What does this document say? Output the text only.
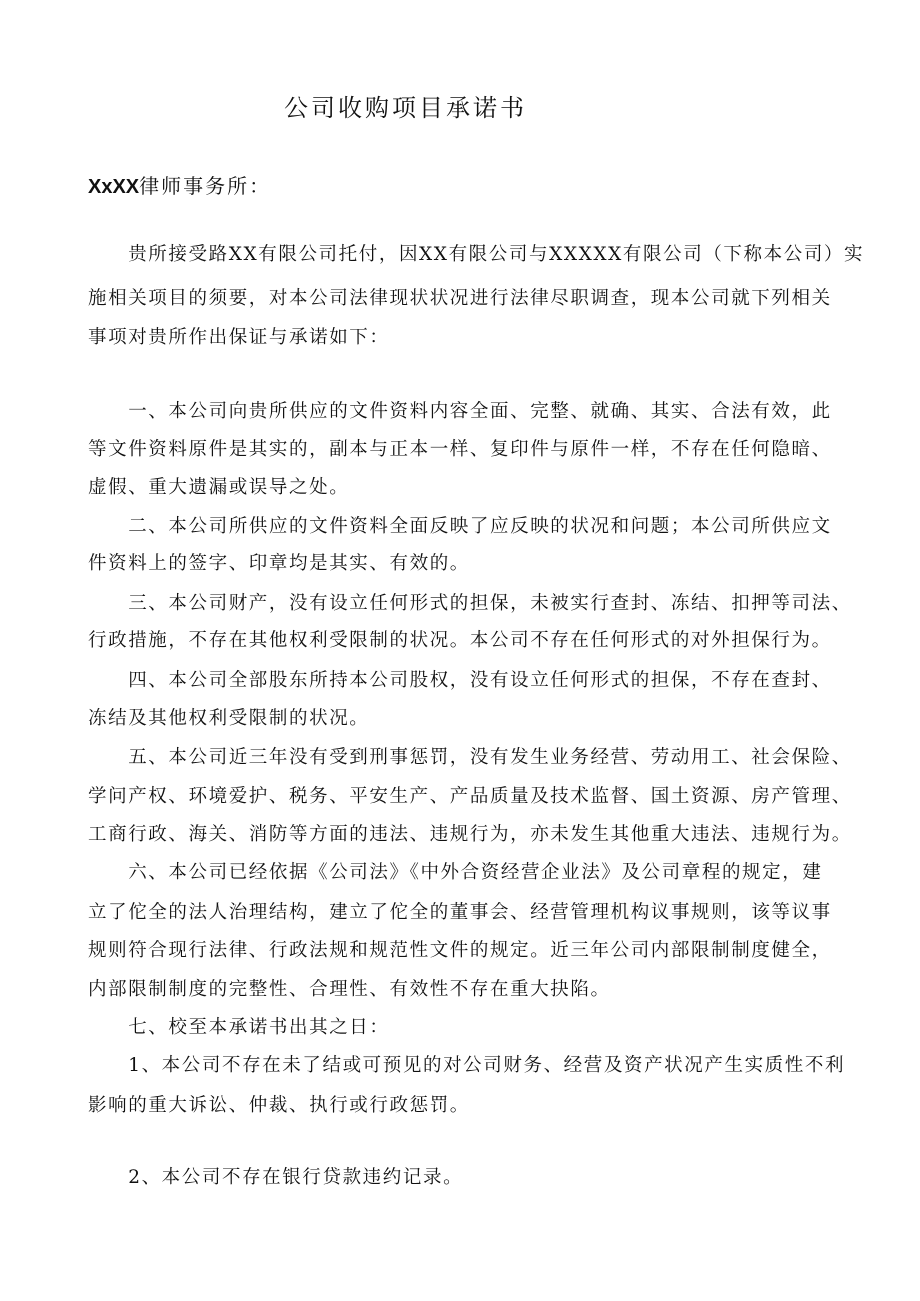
公司收购项目承诺书
XxXX律师事务所：
　　贵所接受路XX有限公司托付，因XX有限公司与XXXXX有限公司（下称本公司）实
施相关项目的须要，对本公司法律现状状况进行法律尽职调查，现本公司就下列相关
事项对贵所作出保证与承诺如下：
　　一、本公司向贵所供应的文件资料内容全面、完整、就确、其实、合法有效，此
等文件资料原件是其实的，副本与正本一样、复印件与原件一样，不存在任何隐暗、
虚假、重大遗漏或误导之处。
　　二、本公司所供应的文件资料全面反映了应反映的状况和问题；本公司所供应文
件资料上的签字、印章均是其实、有效的。
　　三、本公司财产，没有设立任何形式的担保，未被实行查封、冻结、扣押等司法、
行政措施，不存在其他权利受限制的状况。本公司不存在任何形式的对外担保行为。
　　四、本公司全部股东所持本公司股权，没有设立任何形式的担保，不存在查封、
冻结及其他权利受限制的状况。
　　五、本公司近三年没有受到刑事惩罚，没有发生业务经营、劳动用工、社会保险、
学问产权、环境爱护、税务、平安生产、产品质量及技术监督、国土资源、房产管理、
工商行政、海关、消防等方面的违法、违规行为，亦未发生其他重大违法、违规行为。
　　六、本公司已经依据《公司法》《中外合资经营企业法》及公司章程的规定，建
立了佗全的法人治理结构，建立了佗全的董事会、经营管理机构议事规则，该等议事
规则符合现行法律、行政法规和规范性文件的规定。近三年公司内部限制制度健全，
内部限制制度的完整性、合理性、有效性不存在重大抉陷。
　　七、校至本承诺书出其之日：
　　1、本公司不存在未了结或可预见的对公司财务、经营及资产状况产生实质性不利
影响的重大诉讼、仲裁、执行或行政惩罚。
　　2、本公司不存在银行贷款违约记录。
